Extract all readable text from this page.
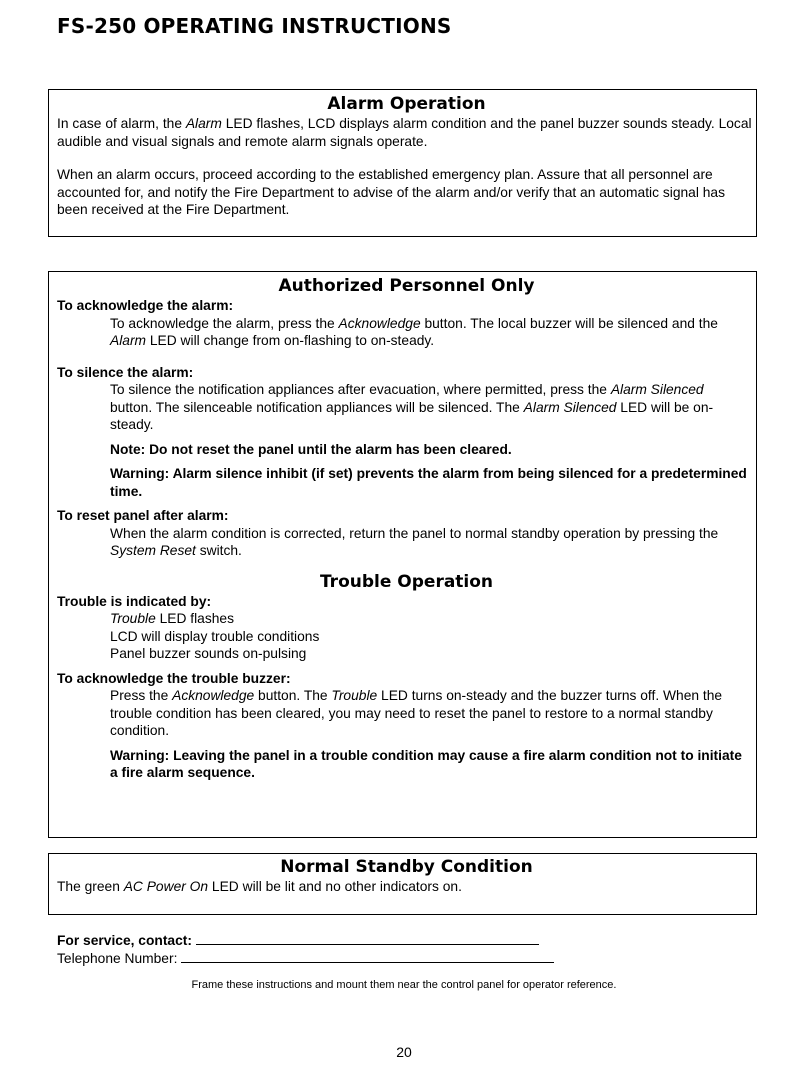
FS-250 OPERATING INSTRUCTIONS
Alarm Operation

In case of alarm, the Alarm LED flashes, LCD displays alarm condition and the panel buzzer sounds steady. Local audible and visual signals and remote alarm signals operate.

When an alarm occurs, proceed according to the established emergency plan. Assure that all personnel are accounted for, and notify the Fire Department to advise of the alarm and/or verify that an automatic signal has been received at the Fire Department.

Authorized Personnel Only

To acknowledge the alarm:

To acknowledge the alarm, press the Acknowledge button. The local buzzer will be silenced and the Alarm LED will change from on-flashing to on-steady.

To silence the alarm:

To silence the notification appliances after evacuation, where permitted, press the Alarm Silenced button. The silenceable notification appliances will be silenced. The Alarm Silenced LED will be on-steady.

Note: Do not reset the panel until the alarm has been cleared.

Warning: Alarm silence inhibit (if set) prevents the alarm from being silenced for a predetermined time.

To reset panel after alarm:

When the alarm condition is corrected, return the panel to normal standby operation by pressing the System Reset switch.

Trouble Operation

Trouble is indicated by:

Trouble LED flashes

LCD will display trouble conditions

Panel buzzer sounds on-pulsing

To acknowledge the trouble buzzer:

Press the Acknowledge button. The Trouble LED turns on-steady and the buzzer turns off. When the trouble condition has been cleared, you may need to reset the panel to restore to a normal standby condition.

Warning: Leaving the panel in a trouble condition may cause a fire alarm condition not to initiate a fire alarm sequence.

Normal Standby Condition

The green AC Power On LED will be lit and no other indicators on.

For service, contact:
Telephone Number:
Frame these instructions and mount them near the control panel for operator reference.
20
